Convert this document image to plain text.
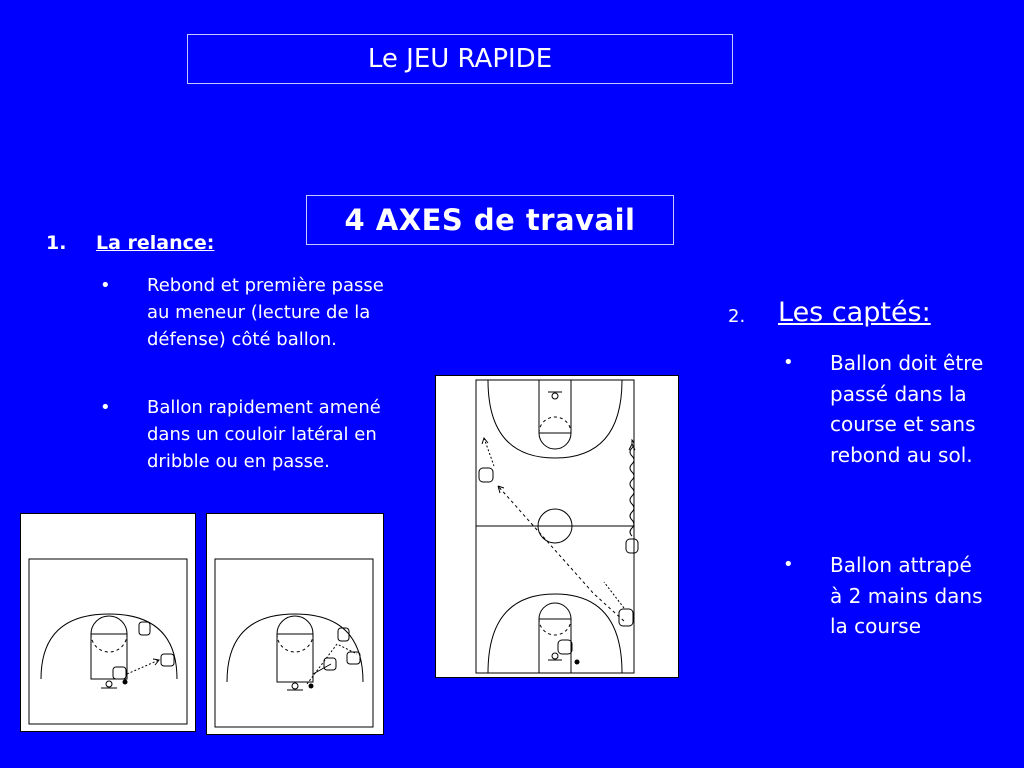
Le JEU RAPIDE
4 AXES de travail
1. La relance:
• Rebond et première passe au meneur (lecture de la défense) côté ballon.
• Ballon rapidement amené dans un couloir latéral en dribble ou en passe.
2. Les captés:
• Ballon doit être passé dans la course et sans rebond au sol.
• Ballon attrapé à 2 mains dans la course
